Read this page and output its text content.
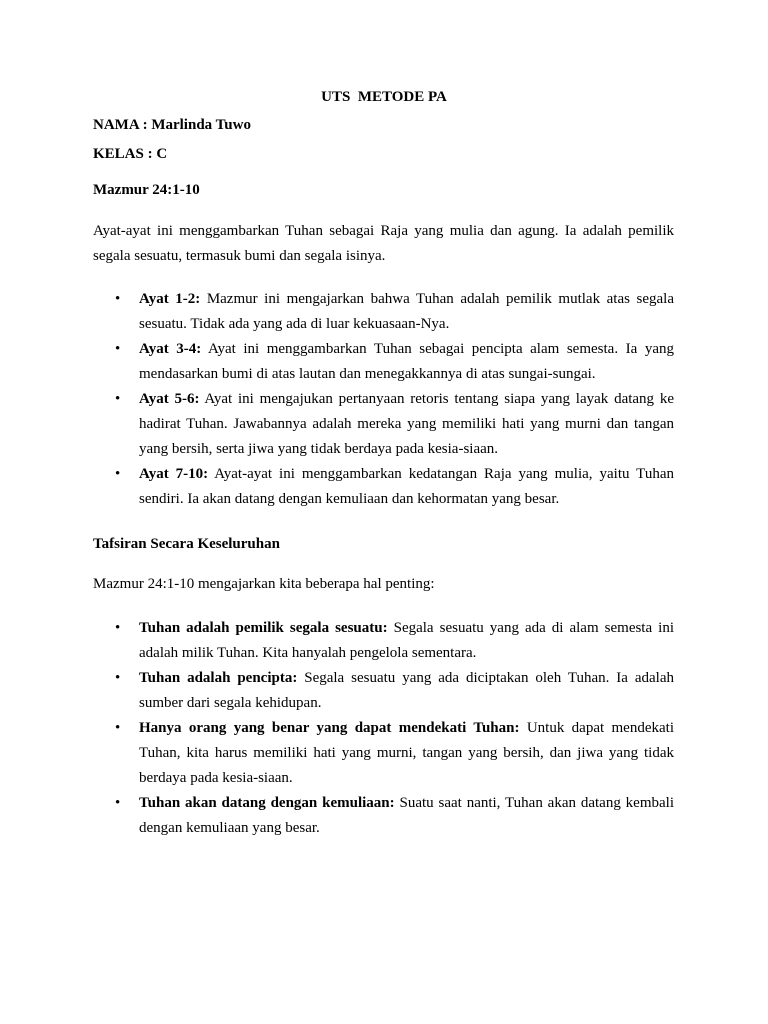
UTS  METODE PA
NAMA : Marlinda Tuwo
KELAS : C
Mazmur 24:1-10
Ayat-ayat ini menggambarkan Tuhan sebagai Raja yang mulia dan agung. Ia adalah pemilik segala sesuatu, termasuk bumi dan segala isinya.
• Ayat 1-2: Mazmur ini mengajarkan bahwa Tuhan adalah pemilik mutlak atas segala sesuatu. Tidak ada yang ada di luar kekuasaan-Nya.
• Ayat 3-4: Ayat ini menggambarkan Tuhan sebagai pencipta alam semesta. Ia yang mendasarkan bumi di atas lautan dan menegakkannya di atas sungai-sungai.
• Ayat 5-6: Ayat ini mengajukan pertanyaan retoris tentang siapa yang layak datang ke hadirat Tuhan. Jawabannya adalah mereka yang memiliki hati yang murni dan tangan yang bersih, serta jiwa yang tidak berdaya pada kesia-siaan.
• Ayat 7-10: Ayat-ayat ini menggambarkan kedatangan Raja yang mulia, yaitu Tuhan sendiri. Ia akan datang dengan kemuliaan dan kehormatan yang besar.
Tafsiran Secara Keseluruhan
Mazmur 24:1-10 mengajarkan kita beberapa hal penting:
• Tuhan adalah pemilik segala sesuatu: Segala sesuatu yang ada di alam semesta ini adalah milik Tuhan. Kita hanyalah pengelola sementara.
• Tuhan adalah pencipta: Segala sesuatu yang ada diciptakan oleh Tuhan. Ia adalah sumber dari segala kehidupan.
• Hanya orang yang benar yang dapat mendekati Tuhan: Untuk dapat mendekati Tuhan, kita harus memiliki hati yang murni, tangan yang bersih, dan jiwa yang tidak berdaya pada kesia-siaan.
• Tuhan akan datang dengan kemuliaan: Suatu saat nanti, Tuhan akan datang kembali dengan kemuliaan yang besar.
